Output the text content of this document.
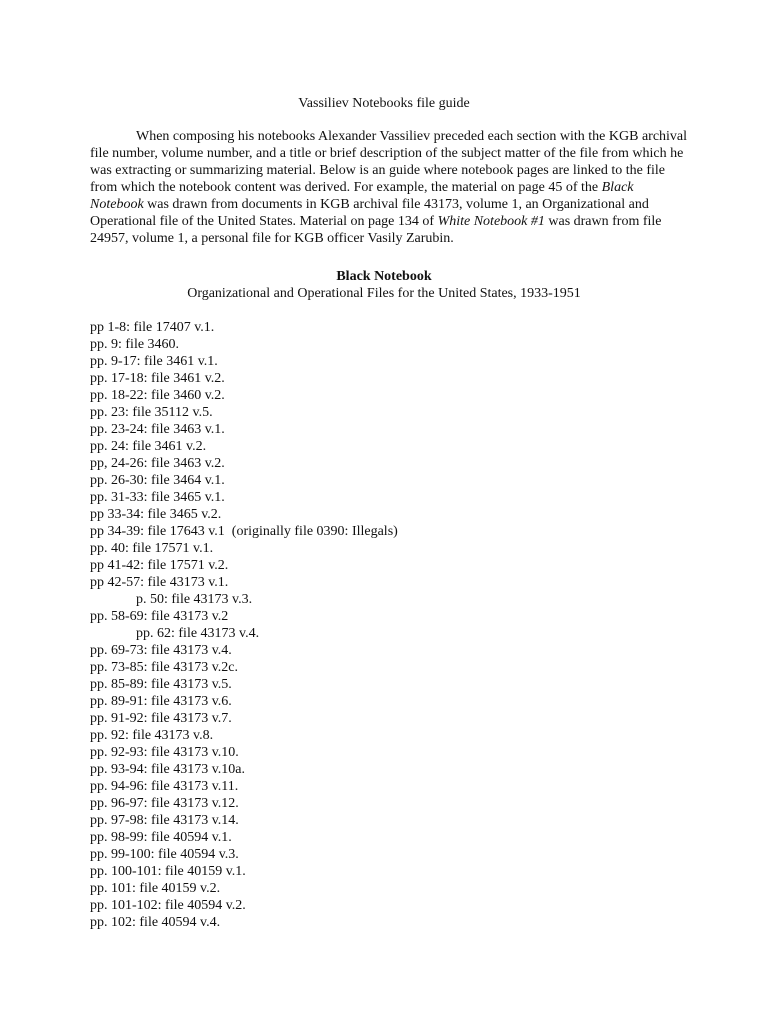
Vassiliev Notebooks file guide
When composing his notebooks Alexander Vassiliev preceded each section with the KGB archival
file number, volume number, and a title or brief description of the subject matter of the file from which he
was extracting or summarizing material. Below is an guide where notebook pages are linked to the file
from which the notebook content was derived. For example, the material on page 45 of the Black
Notebook was drawn from documents in KGB archival file 43173, volume 1, an Organizational and
Operational file of the United States. Material on page 134 of White Notebook #1 was drawn from file
24957, volume 1, a personal file for KGB officer Vasily Zarubin.
Black Notebook
Organizational and Operational Files for the United States, 1933-1951
pp 1-8: file 17407 v.1.
pp. 9: file 3460.
pp. 9-17: file 3461 v.1.
pp. 17-18: file 3461 v.2.
pp. 18-22: file 3460 v.2.
pp. 23: file 35112 v.5.
pp. 23-24: file 3463 v.1.
pp. 24: file 3461 v.2.
pp, 24-26: file 3463 v.2.
pp. 26-30: file 3464 v.1.
pp. 31-33: file 3465 v.1.
pp 33-34: file 3465 v.2.
pp 34-39: file 17643 v.1  (originally file 0390: Illegals)
pp. 40: file 17571 v.1.
pp 41-42: file 17571 v.2.
pp 42-57: file 43173 v.1.
p. 50: file 43173 v.3.
pp. 58-69: file 43173 v.2
pp. 62: file 43173 v.4.
pp. 69-73: file 43173 v.4.
pp. 73-85: file 43173 v.2c.
pp. 85-89: file 43173 v.5.
pp. 89-91: file 43173 v.6.
pp. 91-92: file 43173 v.7.
pp. 92: file 43173 v.8.
pp. 92-93: file 43173 v.10.
pp. 93-94: file 43173 v.10a.
pp. 94-96: file 43173 v.11.
pp. 96-97: file 43173 v.12.
pp. 97-98: file 43173 v.14.
pp. 98-99: file 40594 v.1.
pp. 99-100: file 40594 v.3.
pp. 100-101: file 40159 v.1.
pp. 101: file 40159 v.2.
pp. 101-102: file 40594 v.2.
pp. 102: file 40594 v.4.
